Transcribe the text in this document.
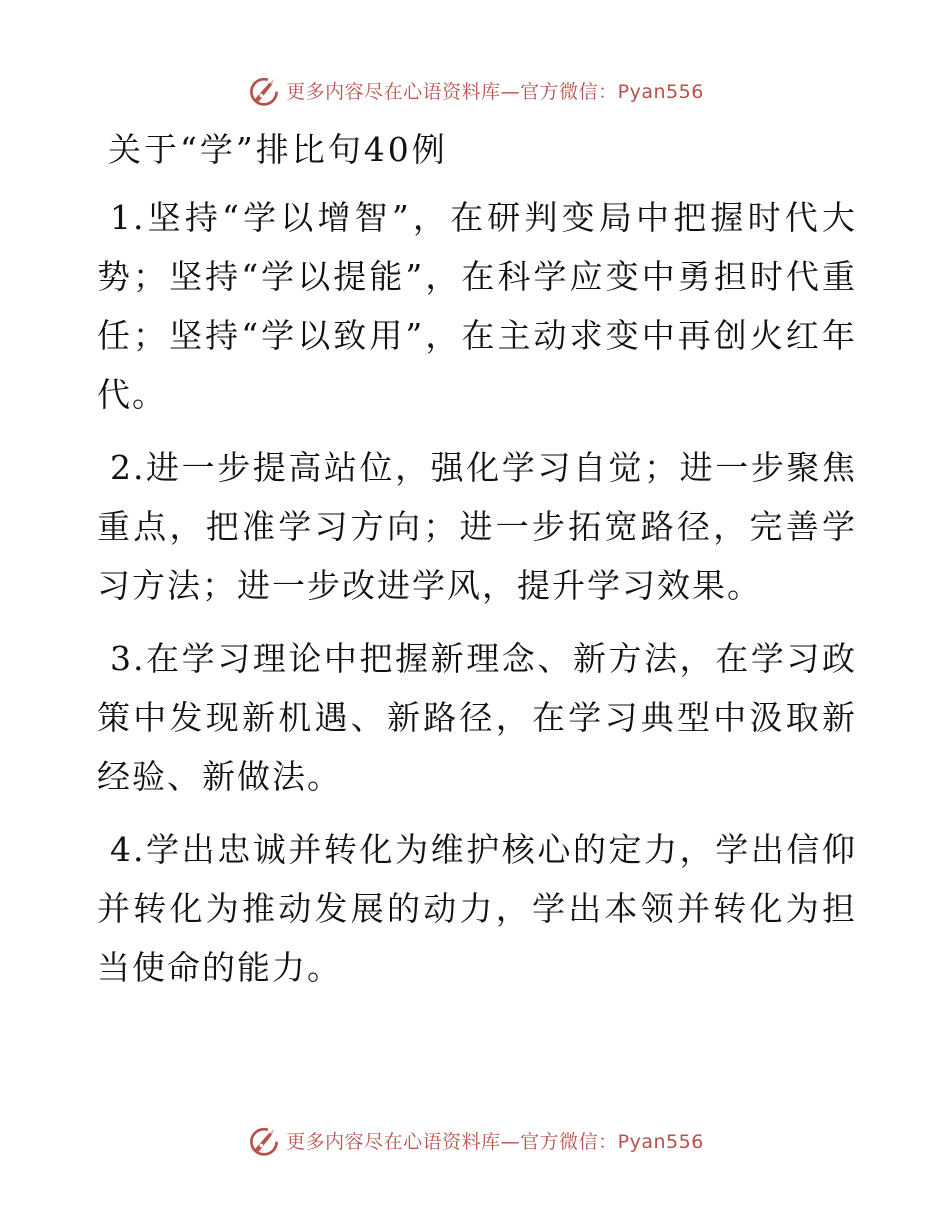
更多内容尽在心语资料库—官方微信：Pyan556
关于“学”排比句40例

1.坚持“学以增智”，在研判变局中把握时代大势；坚持“学以提能”，在科学应变中勇担时代重任；坚持“学以致用”，在主动求变中再创火红年代。

2.进一步提高站位，强化学习自觉；进一步聚焦重点，把准学习方向；进一步拓宽路径，完善学习方法；进一步改进学风，提升学习效果。

3.在学习理论中把握新理念、新方法，在学习政策中发现新机遇、新路径，在学习典型中汲取新经验、新做法。

4.学出忠诚并转化为维护核心的定力，学出信仰并转化为推动发展的动力，学出本领并转化为担当使命的能力。

更多内容尽在心语资料库—官方微信：Pyan556
